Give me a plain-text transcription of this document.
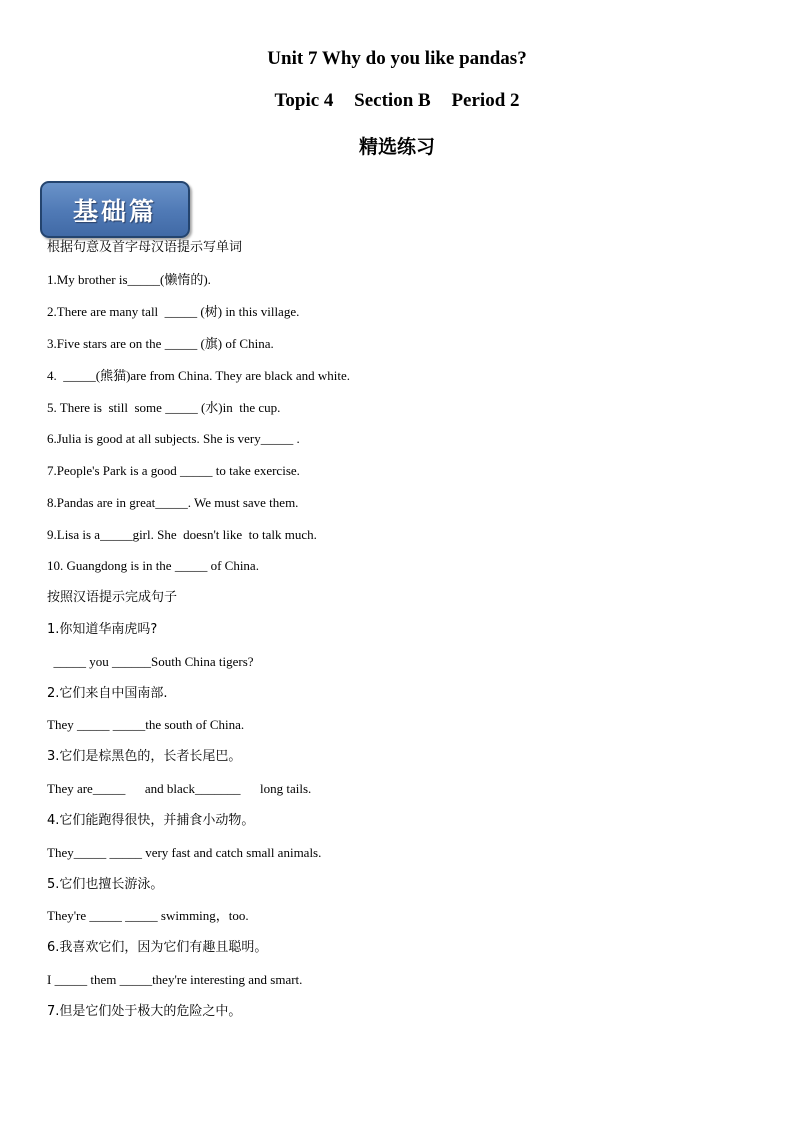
Unit 7 Why do you like pandas?
Topic 4 Section B Period 2
精选练习
基础篇
根据句意及首字母汉语提示写单词
1.My brother is_____(懒惰的).
2.There are many tall  _____ (树) in this village.
3.Five stars are on the _____ (旗) of China.
4.  _____(熊猫)are from China. They are black and white.
5. There is  still  some _____ (水)in  the cup.
6.Julia is good at all subjects. She is very_____ .
7.People's Park is a good _____ to take exercise.
8.Pandas are in great_____. We must save them.
9.Lisa is a_____girl. She  doesn't like  to talk much.
10. Guangdong is in the _____ of China.
按照汉语提示完成句子
1.你知道华南虎吗?
_____ you ______South China tigers?
2.它们来自中国南部.
They _____ _____the south of China.
3.它们是棕黑色的，长者长尾巴。
They are_____      and black_______      long tails.
4.它们能跑得很快，并捕食小动物。
They_____ _____ very fast and catch small animals.
5.它们也擅长游泳。
They're _____ _____ swimming，too.
6.我喜欢它们，因为它们有趣且聪明。
I _____ them _____they're interesting and smart.
7.但是它们处于极大的危险之中。
